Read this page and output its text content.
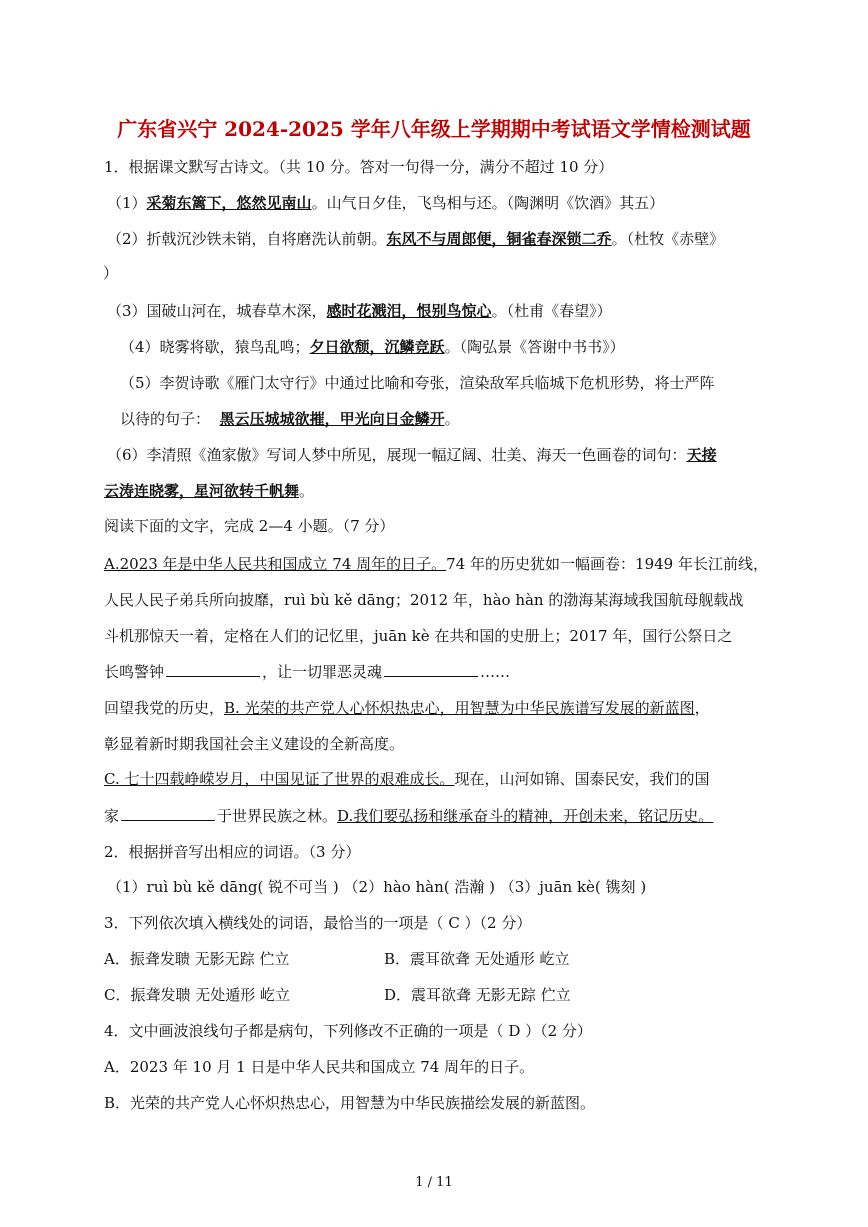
广东省兴宁 2024-2025 学年八年级上学期期中考试语文学情检测试题
1．根据课文默写古诗文。（共 10 分。答对一句得一分，满分不超过 10 分）
（1）采菊东篱下，悠然见南山。山气日夕佳，飞鸟相与还。（陶渊明《饮酒》其五）
（2）折戟沉沙铁未销，自将磨洗认前朝。东风不与周郎便，铜雀春深锁二乔。（杜牧《赤壁》
）
（3）国破山河在，城春草木深，感时花溅泪，恨别鸟惊心。（杜甫《春望》）
（4）晓雾将歇，猿鸟乱鸣；夕日欲颓，沉鳞竞跃。（陶弘景《答谢中书书》）
（5）李贺诗歌《雁门太守行》中通过比喻和夸张，渲染敌军兵临城下危机形势，将士严阵
以待的句子： 黑云压城城欲摧，甲光向日金鳞开。
（6）李清照《渔家傲》写词人梦中所见，展现一幅辽阔、壮美、海天一色画卷的词句：天接
云涛连晓雾，星河欲转千帆舞。
阅读下面的文字，完成 2—4 小题。（7 分）
A.2023 年是中华人民共和国成立 74 周年的日子。74 年的历史犹如一幅画卷：1949 年长江前线，
人民人民子弟兵所向披靡，ruì bù kě dāng；2012 年，hào hàn 的渤海某海域我国航母舰载战
斗机那惊天一着，定格在人们的记忆里，juān kè 在共和国的史册上；2017 年，国行公祭日之
长鸣警钟	，让一切罪恶灵魂	……
回望我党的历史，B. 光荣的共产党人心怀炽热忠心，用智慧为中华民族谱写发展的新蓝图，
彰显着新时期我国社会主义建设的全新高度。
C. 七十四载峥嵘岁月，中国见证了世界的艰难成长。现在，山河如锦、国泰民安，我们的国
家	于世界民族之林。D.我们要弘扬和继承奋斗的精神，开创未来，铭记历史。
2．根据拼音写出相应的词语。（3 分）
（1）ruì bù kě dāng( 锐不可当 ) （2）hào hàn( 浩瀚 ) （3）juān kè( 镌刻 )
3．下列依次填入横线处的词语，最恰当的一项是（ C ）（2 分）
A．振聋发聩 无影无踪 伫立	B．震耳欲聋 无处遁形 屹立
C．振聋发聩 无处遁形 屹立	D．震耳欲聋 无影无踪 伫立
4．文中画波浪线句子都是病句，下列修改不正确的一项是（ D ）（2 分）
A．2023 年 10 月 1 日是中华人民共和国成立 74 周年的日子。
B．光荣的共产党人心怀炽热忠心，用智慧为中华民族描绘发展的新蓝图。
1 / 11
